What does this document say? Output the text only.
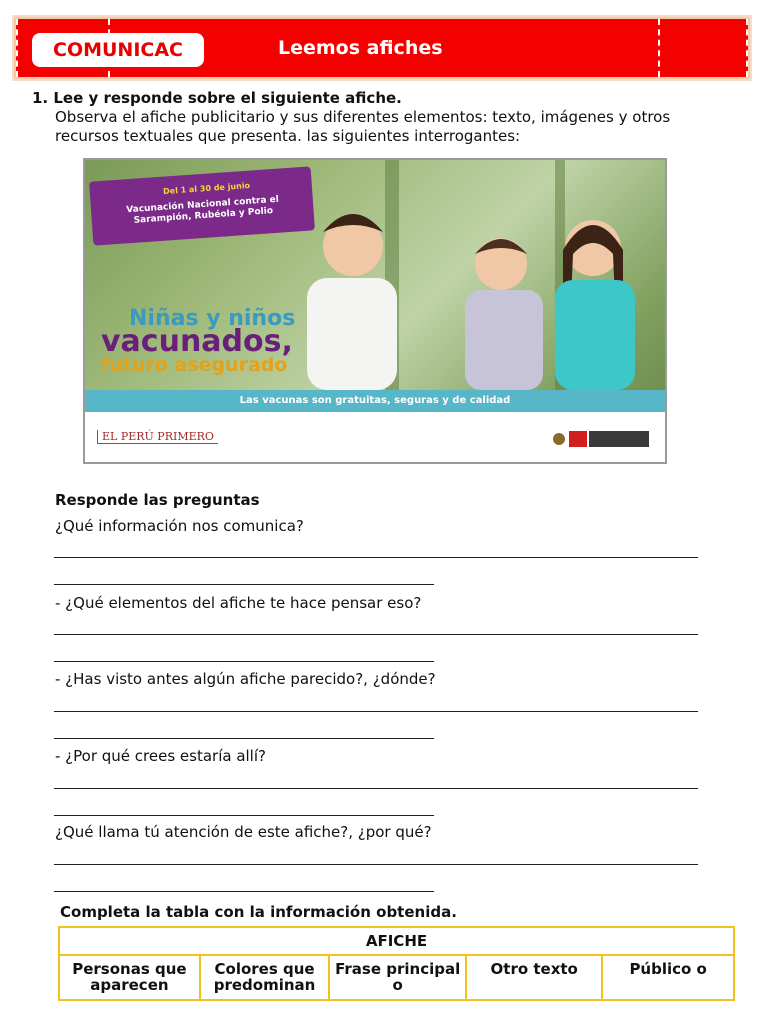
COMUNICAC	Leemos afiches
1. Lee y responde sobre el siguiente afiche.
Observa el afiche publicitario y sus diferentes elementos: texto, imágenes y otros recursos textuales que presenta. las siguientes interrogantes:
Del 1 al 30 de junio
Vacunación Nacional contra el Sarampión, Rubéola y Polio
Niñas y niños
vacunados,
futuro asegurado
Las vacunas son gratuitas, seguras y de calidad
EL PERÚ PRIMERO
Responde las preguntas
¿Qué información nos comunica?
- ¿Qué elementos del afiche te hace pensar eso?
- ¿Has visto antes algún afiche parecido?, ¿dónde?
- ¿Por qué crees estaría allí?
¿Qué llama tú atención de este afiche?, ¿por qué?
Completa la tabla con la información obtenida.
AFICHE
Personas que aparecen	Colores que predominan	Frase principal o	Otro texto	Público o
